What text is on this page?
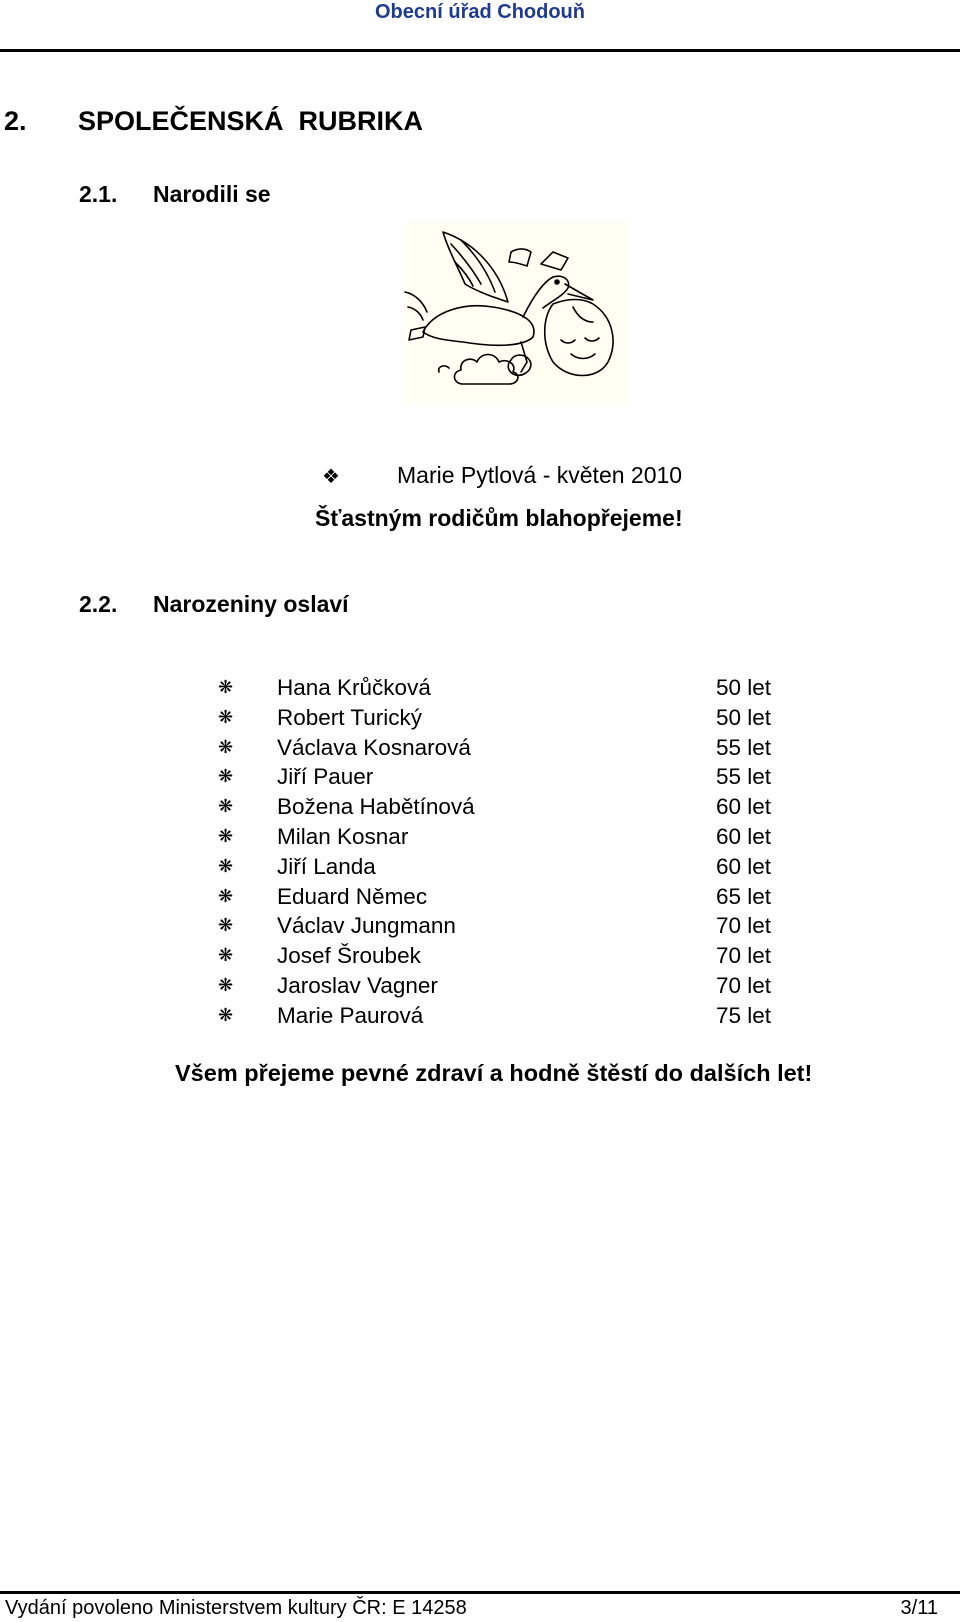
Obecní úřad Chodouň
2. SPOLEČENSKÁ  RUBRIKA
2.1. Narodili se
❖ Marie Pytlová - květen 2010
Šťastným rodičům blahopřejeme!
2.2. Narozeniny oslaví
❋ Hana Krůčková	50 let
❋ Robert Turický	50 let
❋ Václava Kosnarová	55 let
❋ Jiří Pauer	55 let
❋ Božena Habětínová	60 let
❋ Milan Kosnar	60 let
❋ Jiří Landa	60 let
❋ Eduard Němec	65 let
❋ Václav Jungmann	70 let
❋ Josef Šroubek	70 let
❋ Jaroslav Vagner	70 let
❋ Marie Paurová	75 let
Všem přejeme pevné zdraví a hodně štěstí do dalších let!
Vydání povoleno Ministerstvem kultury ČR: E 14258	3/11
